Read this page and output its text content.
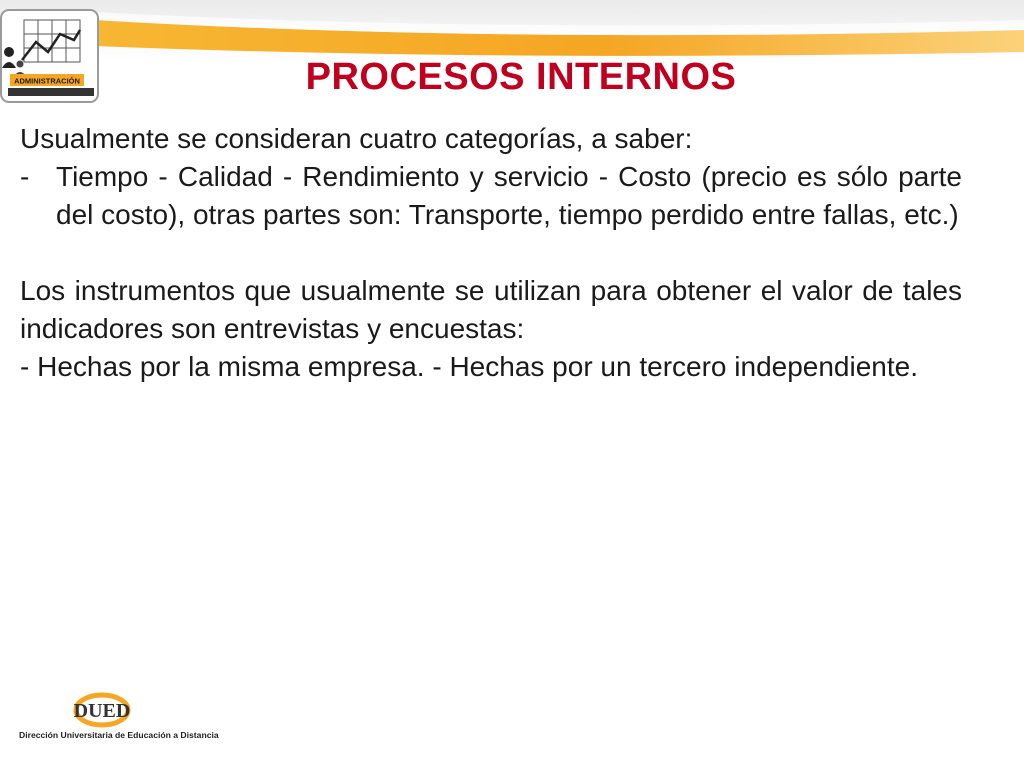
ADMINISTRACIÓN	PROCESOS INTERNOS

Usualmente se consideran cuatro categorías, a saber:

- Tiempo - Calidad - Rendimiento y servicio - Costo (precio es sólo parte del costo), otras partes son: Transporte, tiempo perdido entre fallas, etc.)

Los instrumentos que usualmente se utilizan para obtener el valor de tales indicadores son entrevistas y encuestas:

- Hechas por la misma empresa. - Hechas por un tercero independiente.

DUED
Dirección Universitaria de Educación a Distancia
